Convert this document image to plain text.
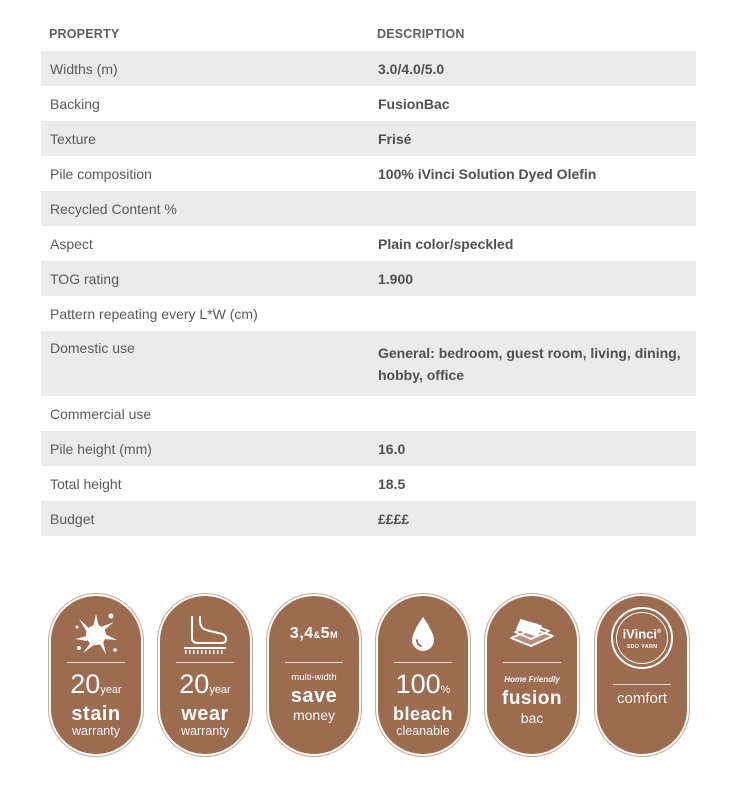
PROPERTY	DESCRIPTION
Widths (m)	3.0/4.0/5.0
Backing	FusionBac
Texture	Frisé
Pile composition	100% iVinci Solution Dyed Olefin
Recycled Content %	
Aspect	Plain color/speckled
TOG rating	1.900
Pattern repeating every L*W (cm)	
Domestic use	General: bedroom, guest room, living, dining, hobby, office
Commercial use	
Pile height (mm)	16.0
Total height	18.5
Budget	££££
20year
stain
warranty
20year
wear
warranty
3,4&5M
multi-width
save
money
100%
bleach
cleanable
Home Friendly
fusion
bac
iVinci®
SDO YARN
comfort
